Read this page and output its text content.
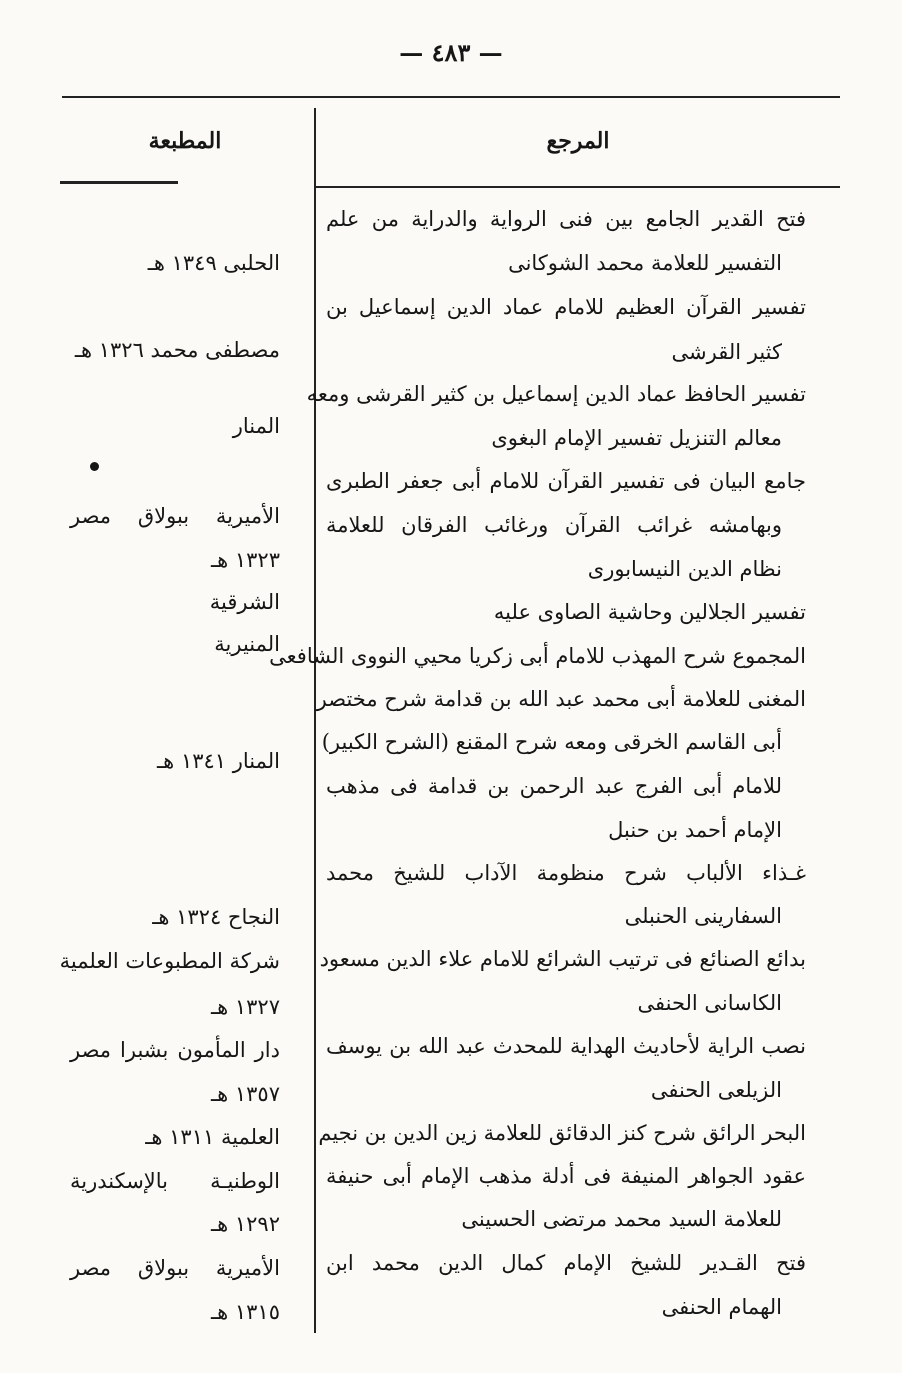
— ٤٨٣ —
المرجع
المطبعة
فتح القدير الجامع بين فنى الرواية والدراية من علم
التفسير للعلامة محمد الشوكانى
تفسير القرآن العظيم للامام عماد الدين إسماعيل بن
كثير القرشى
تفسير الحافظ عماد الدين إسماعيل بن كثير القرشى ومعه
معالم التنزيل تفسير الإمام البغوى
جامع البيان فى تفسير القرآن للامام أبى جعفر الطبرى
وبهامشه غرائب القرآن ورغائب الفرقان للعلامة
نظام الدين النيسابورى
تفسير الجلالين وحاشية الصاوى عليه
المجموع شرح المهذب للامام أبى زكريا محيي النووى الشافعى
المغنى للعلامة أبى محمد عبد الله بن قدامة شرح مختصر
أبى القاسم الخرقى ومعه شرح المقنع (الشرح الكبير)
للامام أبى الفرج عبد الرحمن بن قدامة فى مذهب
الإمام أحمد بن حنبل
غـذاء الألباب شرح منظومة الآداب للشيخ محمد
السفارينى الحنبلى
بدائع الصنائع فى ترتيب الشرائع للامام علاء الدين مسعود
الكاسانى الحنفى
نصب الراية لأحاديث الهداية للمحدث عبد الله بن يوسف
الزيلعى الحنفى
البحر الرائق شرح كنز الدقائق للعلامة زين الدين بن نجيم
عقود الجواهر المنيفة فى أدلة مذهب الإمام أبى حنيفة
للعلامة السيد محمد مرتضى الحسينى
فتح القـدير للشيخ الإمام كمال الدين محمد ابن
الهمام الحنفى
الحلبى ١٣٤٩ هـ
مصطفى محمد ١٣٢٦ هـ
المنار
الأميرية ببولاق مصر
١٣٢٣ هـ
الشرقية
المنيرية
المنار ١٣٤١ هـ
النجاح ١٣٢٤ هـ
شركة المطبوعات العلمية
١٣٢٧ هـ
دار المأمون بشبرا مصر
١٣٥٧ هـ
العلمية ١٣١١ هـ
الوطنيـة بالإسكندرية
١٢٩٢ هـ
الأميرية ببولاق مصر
١٣١٥ هـ
